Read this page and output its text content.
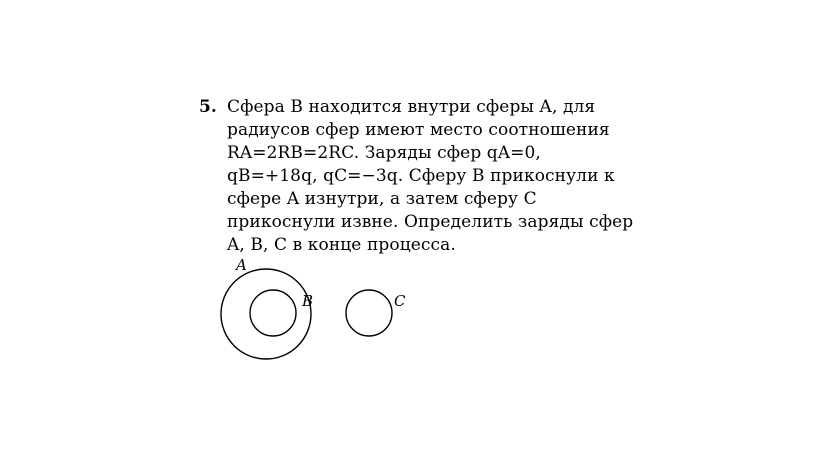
5. Сфера B находится внутри сферы A, для
радиусов сфер имеют место соотношения
RA=2RB=2RC. Заряды сфер qA=0,
qB=+18q, qC=−3q. Сферу B прикоснули к
сфере A изнутри, а затем сферу C
прикоснули извне. Определить заряды сфер
A, B, C в конце процесса.
A
B	C
